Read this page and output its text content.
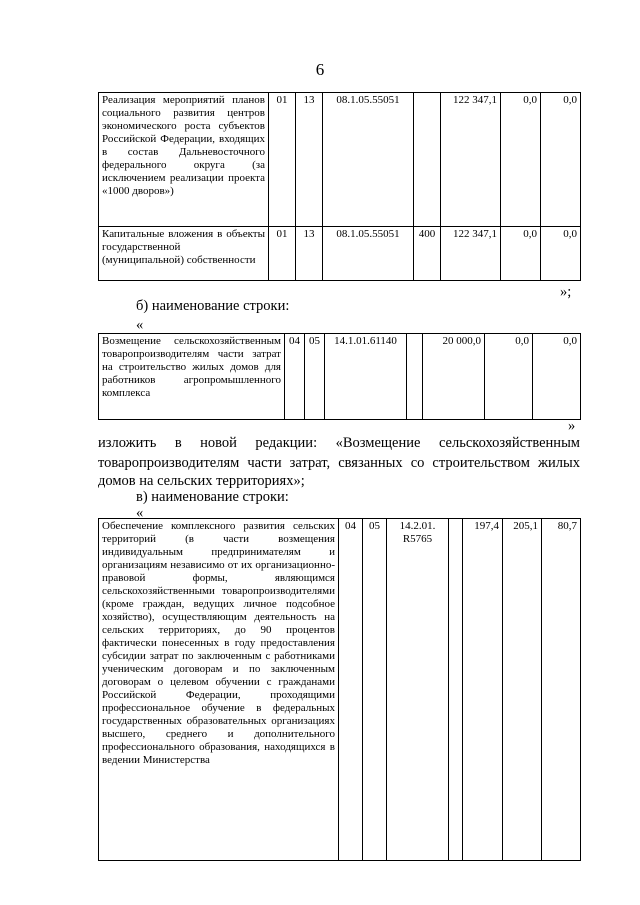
6
Реализация мероприятий планов социального развития центров экономического роста субъектов Российской Федерации, входящих в состав Дальневосточного федерального округа (за исключением реализации проекта «1000 дворов»)	01	13	08.1.05.55051		122 347,1	0,0	0,0
Капитальные вложения в объекты государственной (муниципальной) собственности	01	13	08.1.05.55051	400	122 347,1	0,0	0,0
»;
б) наименование строки:
«
Возмещение сельскохозяйственным товаропроизводителям части затрат на строительство жилых домов для работников агропромышленного комплекса	04	05	14.1.01.61140		20 000,0	0,0	0,0
»
изложить в новой редакции: «Возмещение сельскохозяйственным
товаропроизводителям части затрат, связанных со строительством жилых
домов на сельских территориях»;
в) наименование строки:
«
Обеспечение комплексного развития сельских территорий (в части возмещения индивидуальным предпринимателям и организациям независимо от их организационно-правовой формы, являющимся сельскохозяйственными товаропроизводителями (кроме граждан, ведущих личное подсобное хозяйство), осуществляющим деятельность на сельских территориях, до 90 процентов фактически понесенных в году предоставления субсидии затрат по заключенным с работниками ученическим договорам и по заключенным договорам о целевом обучении с гражданами Российской Федерации, проходящими профессиональное обучение в федеральных государственных образовательных организациях высшего, среднего и дополнительного профессионального образования, находящихся в ведении Министерства	04	05	14.2.01. R5765		197,4	205,1	80,7
